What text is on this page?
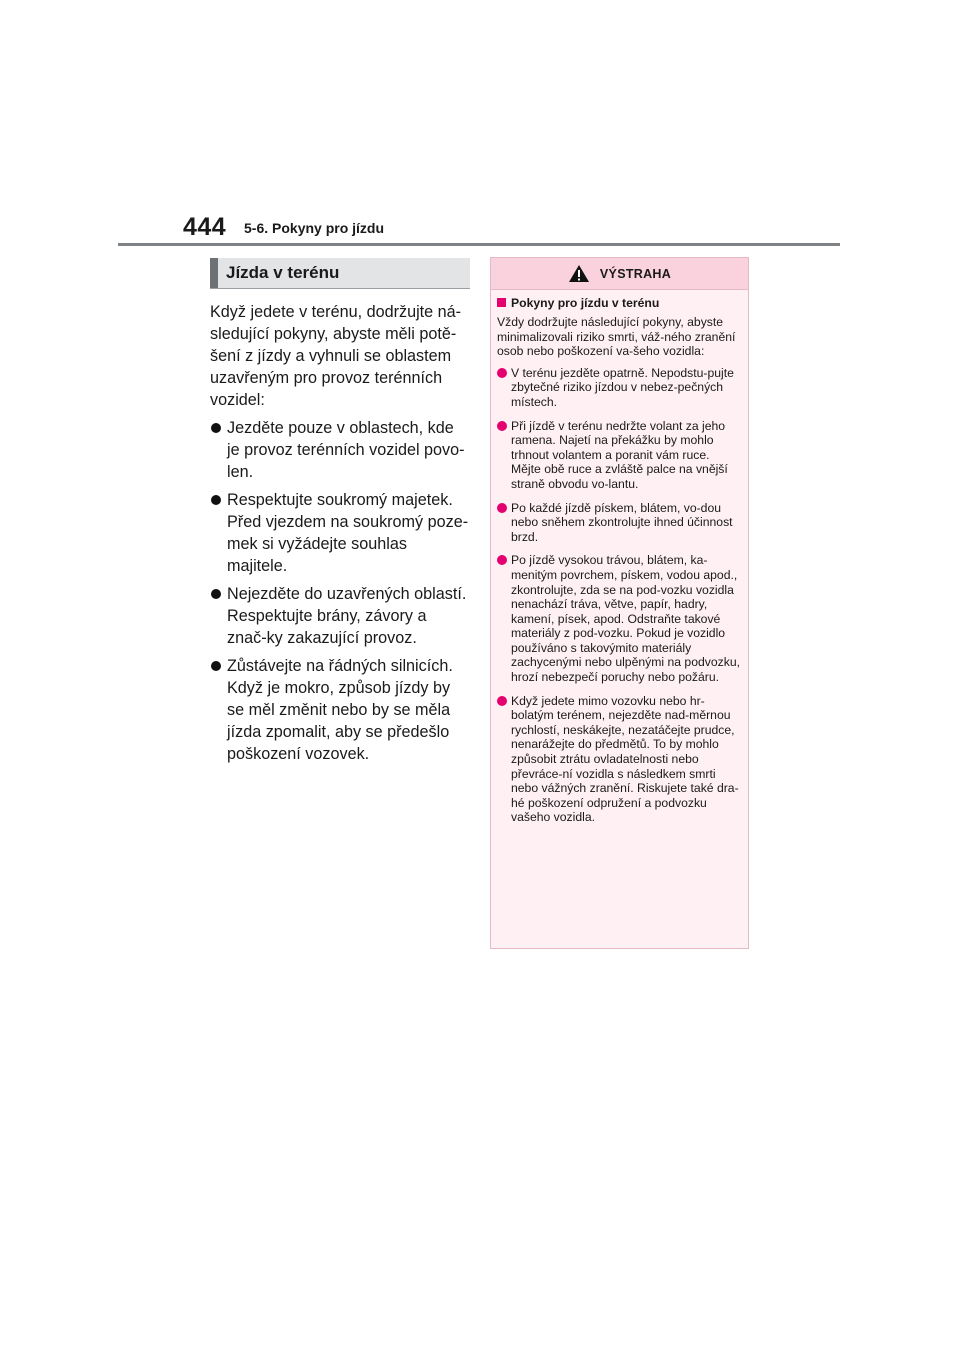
444 5-6. Pokyny pro jízdu
Jízda v terénu

Když jedete v terénu, dodržujte ná-sledující pokyny, abyste měli potě-šení z jízdy a vyhnuli se oblastem uzavřeným pro provoz terénních vozidel:

Jezděte pouze v oblastech, kde je provoz terénních vozidel povo-len.
Respektujte soukromý majetek. Před vjezdem na soukromý poze-mek si vyžádejte souhlas majitele.
Nejezděte do uzavřených oblastí. Respektujte brány, závory a znač-ky zakazující provoz.
Zůstávejte na řádných silnicích. Když je mokro, způsob jízdy by se měl změnit nebo by se měla jízda zpomalit, aby se předešlo poškození vozovek.
VÝSTRAHA
Pokyny pro jízdu v terénu
Vždy dodržujte následující pokyny, abyste minimalizovali riziko smrti, váž-ného zranění osob nebo poškození va-šeho vozidla:
V terénu jezděte opatrně. Nepodstu-pujte zbytečné riziko jízdou v nebez-pečných místech.
Při jízdě v terénu nedržte volant za jeho ramena. Najetí na překážku by mohlo trhnout volantem a poranit vám ruce. Mějte obě ruce a zvláště palce na vnější straně obvodu vo-lantu.
Po každé jízdě pískem, blátem, vo-dou nebo sněhem zkontrolujte ihned účinnost brzd.
Po jízdě vysokou trávou, blátem, ka-menitým povrchem, pískem, vodou apod., zkontrolujte, zda se na pod-vozku vozidla nenachází tráva, větve, papír, hadry, kamení, písek, apod. Odstraňte takové materiály z pod-vozku. Pokud je vozidlo používáno s takovýmito materiály zachycenými nebo ulpěnými na podvozku, hrozí nebezpečí poruchy nebo požáru.
Když jedete mimo vozovku nebo hr-bolatým terénem, nejezděte nad-měrnou rychlostí, neskákejte, nezatáčejte prudce, nenarážejte do předmětů. To by mohlo způsobit ztrátu ovladatelnosti nebo převráce-ní vozidla s následkem smrti nebo vážných zranění. Riskujete také dra-hé poškození odpružení a podvozku vašeho vozidla.
